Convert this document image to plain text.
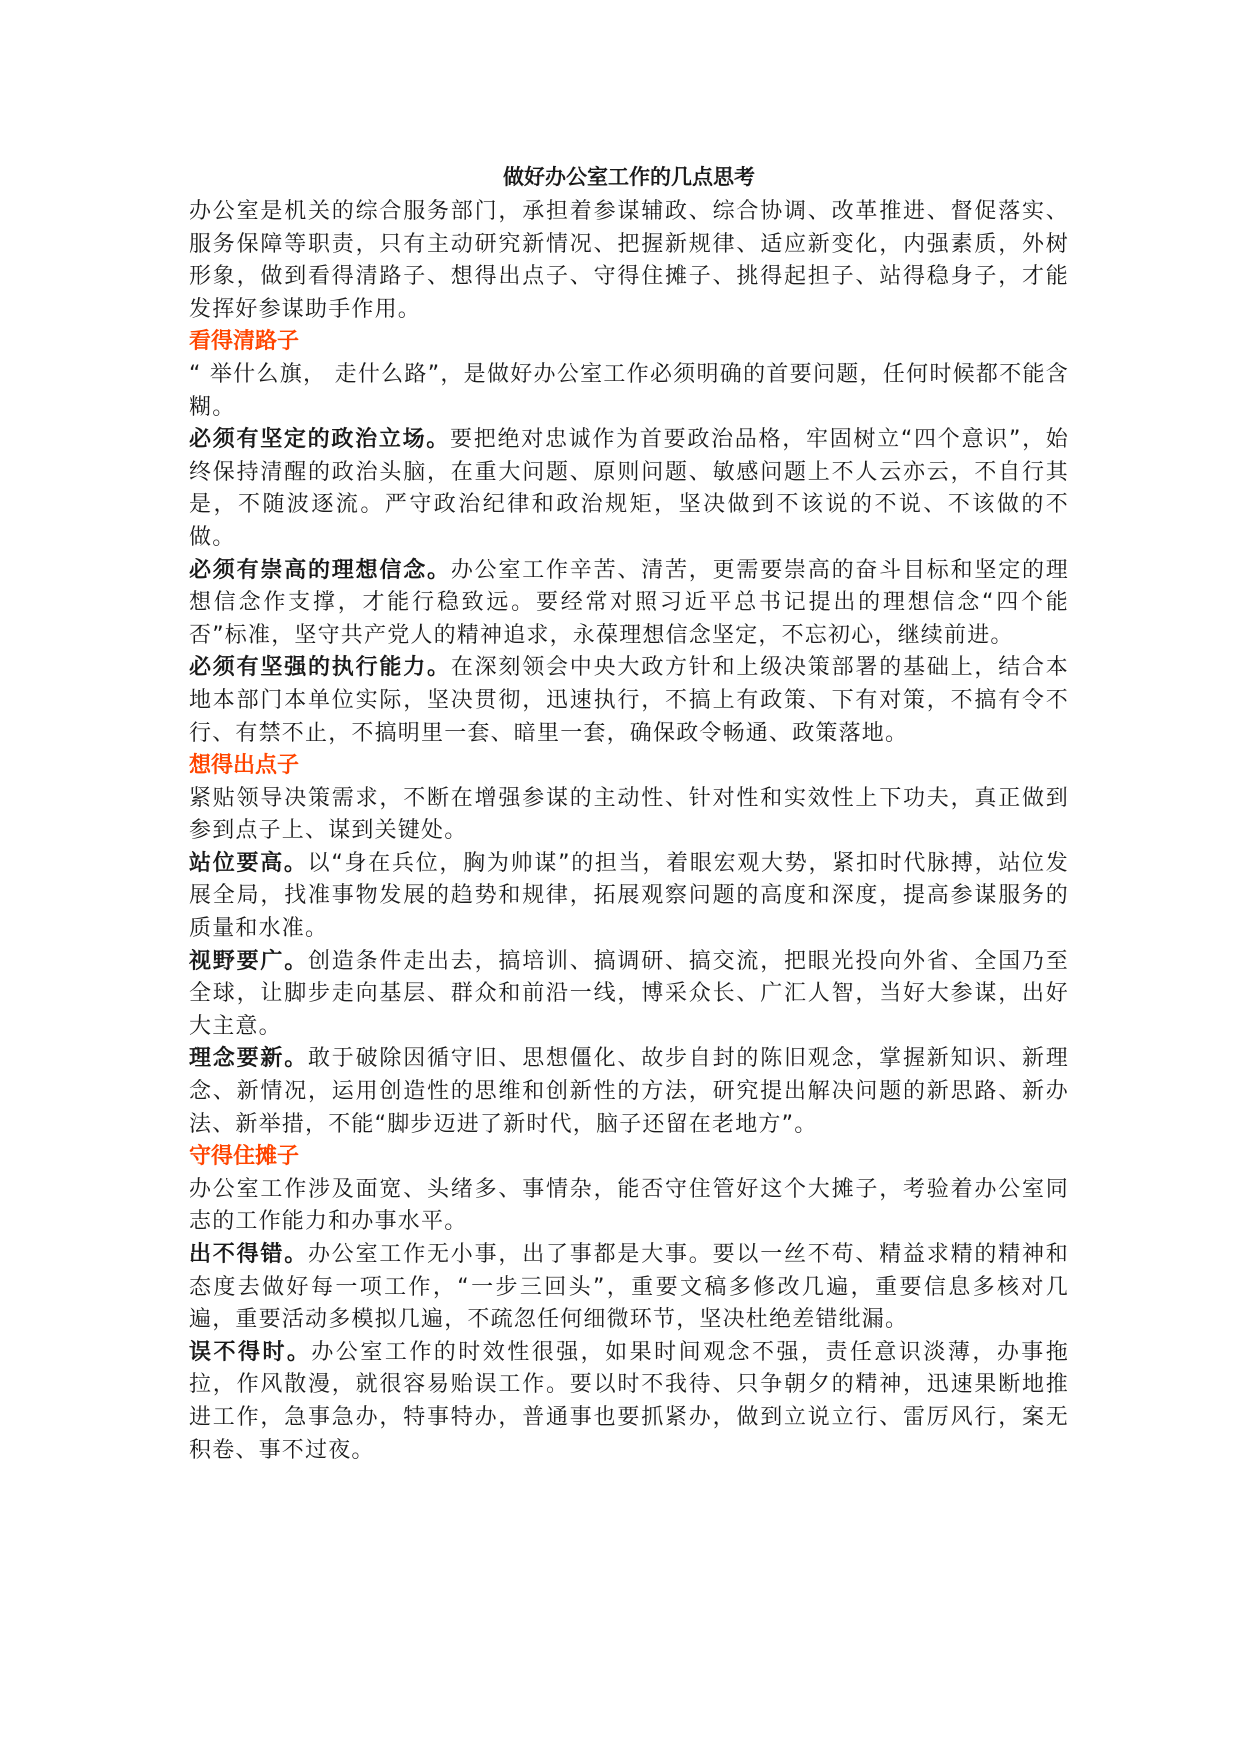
做好办公室工作的几点思考

办公室是机关的综合服务部门，承担着参谋辅政、综合协调、改革推进、督促落实、服务保障等职责，只有主动研究新情况、把握新规律、适应新变化，内强素质，外树形象，做到看得清路子、想得出点子、守得住摊子、挑得起担子、站得稳身子，才能发挥好参谋助手作用。

看得清路子

“ 举什么旗， 走什么路”，是做好办公室工作必须明确的首要问题，任何时候都不能含糊。

必须有坚定的政治立场。要把绝对忠诚作为首要政治品格，牢固树立“四个意识”，始终保持清醒的政治头脑，在重大问题、原则问题、敏感问题上不人云亦云，不自行其是，不随波逐流。严守政治纪律和政治规矩，坚决做到不该说的不说、不该做的不做。

必须有崇高的理想信念。办公室工作辛苦、清苦，更需要崇高的奋斗目标和坚定的理想信念作支撑，才能行稳致远。要经常对照习近平总书记提出的理想信念“四个能否”标准，坚守共产党人的精神追求，永葆理想信念坚定，不忘初心，继续前进。

必须有坚强的执行能力。在深刻领会中央大政方针和上级决策部署的基础上，结合本地本部门本单位实际，坚决贯彻，迅速执行，不搞上有政策、下有对策，不搞有令不行、有禁不止，不搞明里一套、暗里一套，确保政令畅通、政策落地。

想得出点子

紧贴领导决策需求，不断在增强参谋的主动性、针对性和实效性上下功夫，真正做到参到点子上、谋到关键处。

站位要高。以“身在兵位，胸为帅谋”的担当，着眼宏观大势，紧扣时代脉搏，站位发展全局，找准事物发展的趋势和规律，拓展观察问题的高度和深度，提高参谋服务的质量和水准。

视野要广。创造条件走出去，搞培训、搞调研、搞交流，把眼光投向外省、全国乃至全球，让脚步走向基层、群众和前沿一线，博采众长、广汇人智，当好大参谋，出好大主意。

理念要新。敢于破除因循守旧、思想僵化、故步自封的陈旧观念，掌握新知识、新理念、新情况，运用创造性的思维和创新性的方法，研究提出解决问题的新思路、新办法、新举措，不能“脚步迈进了新时代，脑子还留在老地方”。

守得住摊子

办公室工作涉及面宽、头绪多、事情杂，能否守住管好这个大摊子，考验着办公室同志的工作能力和办事水平。

出不得错。办公室工作无小事，出了事都是大事。要以一丝不苟、精益求精的精神和态度去做好每一项工作，“一步三回头”，重要文稿多修改几遍，重要信息多核对几遍，重要活动多模拟几遍，不疏忽任何细微环节，坚决杜绝差错纰漏。

误不得时。办公室工作的时效性很强，如果时间观念不强，责任意识淡薄，办事拖拉，作风散漫，就很容易贻误工作。要以时不我待、只争朝夕的精神，迅速果断地推进工作，急事急办，特事特办，普通事也要抓紧办，做到立说立行、雷厉风行，案无积卷、事不过夜。
